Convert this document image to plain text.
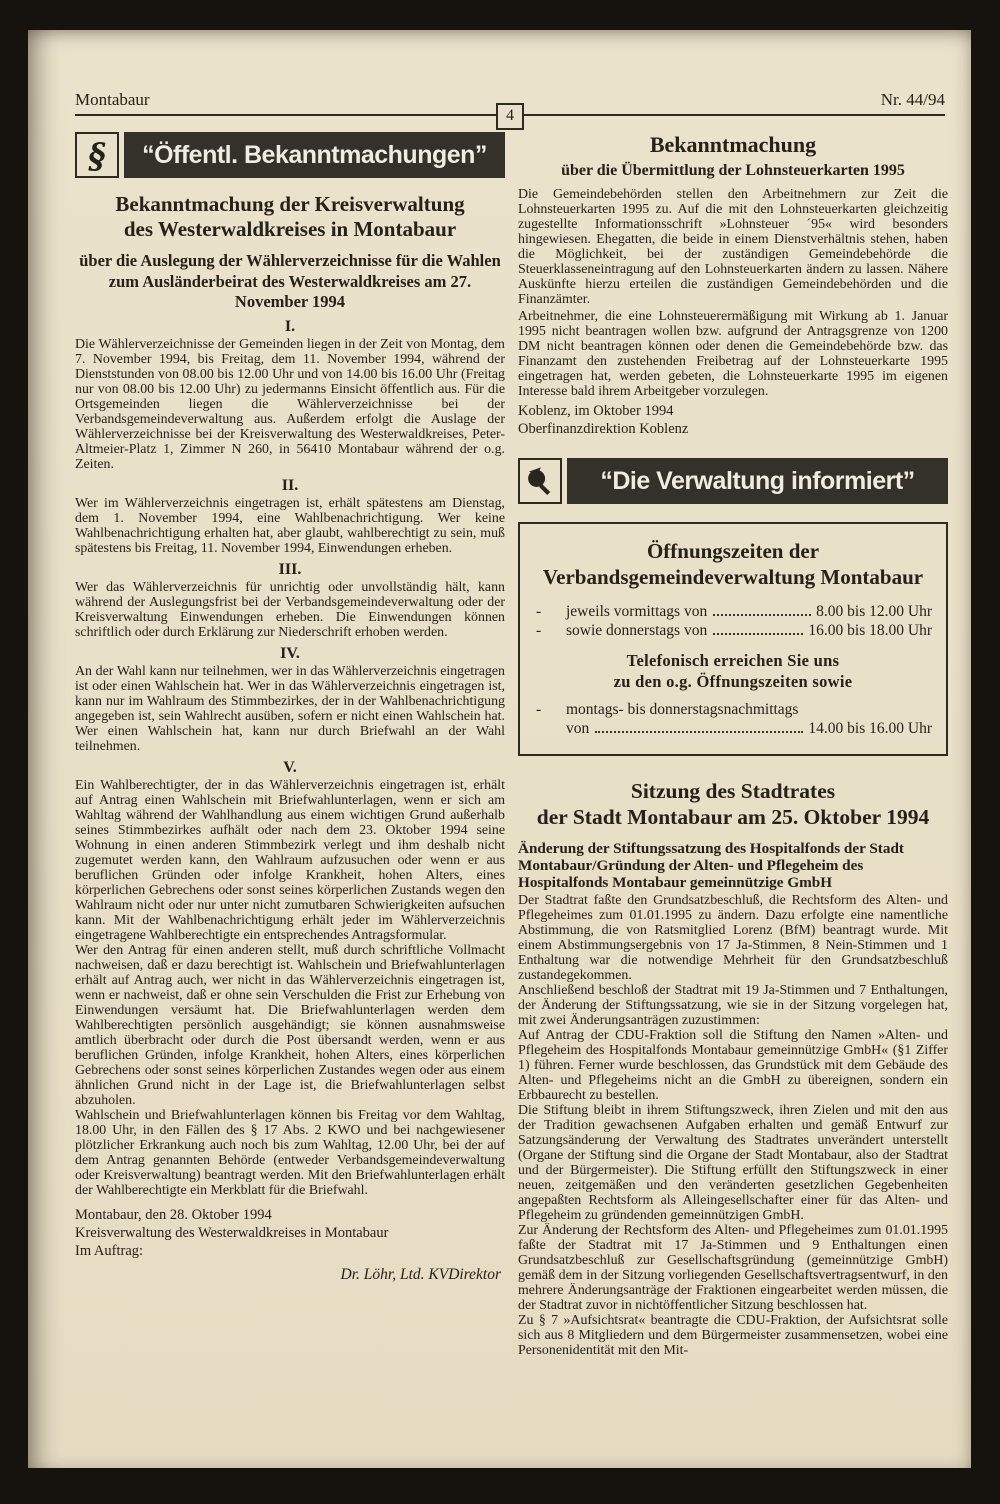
Montabaur	Nr. 44/94
4
§	“Öffentl. Bekanntmachungen”
Bekanntmachung der Kreisverwaltung
des Westerwaldkreises in Montabaur
über die Auslegung der Wählerverzeichnisse für die Wahlen zum Ausländerbeirat des Westerwaldkreises am 27. November 1994
I.

Die Wählerverzeichnisse der Gemeinden liegen in der Zeit von Montag, dem 7. November 1994, bis Freitag, dem 11. November 1994, während der Dienststunden von 08.00 bis 12.00 Uhr und von 14.00 bis 16.00 Uhr (Freitag nur von 08.00 bis 12.00 Uhr) zu jedermanns Einsicht öffentlich aus. Für die Ortsgemeinden liegen die Wählerverzeichnisse bei der Verbandsgemeindeverwaltung aus. Außerdem erfolgt die Auslage der Wählerverzeichnisse bei der Kreisverwaltung des Westerwaldkreises, Peter-Altmeier-Platz 1, Zimmer N 260, in 56410 Montabaur während der o.g. Zeiten.

II.

Wer im Wählerverzeichnis eingetragen ist, erhält spätestens am Dienstag, dem 1. November 1994, eine Wahlbenachrichtigung. Wer keine Wahlbenachrichtigung erhalten hat, aber glaubt, wahlberechtigt zu sein, muß spätestens bis Freitag, 11. November 1994, Einwendungen erheben.

III.

Wer das Wählerverzeichnis für unrichtig oder unvollständig hält, kann während der Auslegungsfrist bei der Verbandsgemeindeverwaltung oder der Kreisverwaltung Einwendungen erheben. Die Einwendungen können schriftlich oder durch Erklärung zur Niederschrift erhoben werden.

IV.

An der Wahl kann nur teilnehmen, wer in das Wählerverzeichnis eingetragen ist oder einen Wahlschein hat. Wer in das Wählerverzeichnis eingetragen ist, kann nur im Wahlraum des Stimmbezirkes, der in der Wahlbenachrichtigung angegeben ist, sein Wahlrecht ausüben, sofern er nicht einen Wahlschein hat. Wer einen Wahlschein hat, kann nur durch Briefwahl an der Wahl teilnehmen.

V.

Ein Wahlberechtigter, der in das Wählerverzeichnis eingetragen ist, erhält auf Antrag einen Wahlschein mit Briefwahlunterlagen, wenn er sich am Wahltag während der Wahlhandlung aus einem wichtigen Grund außerhalb seines Stimmbezirkes aufhält oder nach dem 23. Oktober 1994 seine Wohnung in einen anderen Stimmbezirk verlegt und ihm deshalb nicht zugemutet werden kann, den Wahlraum aufzusuchen oder wenn er aus beruflichen Gründen oder infolge Krankheit, hohen Alters, eines körperlichen Gebrechens oder sonst seines körperlichen Zustands wegen den Wahlraum nicht oder nur unter nicht zumutbaren Schwierigkeiten aufsuchen kann. Mit der Wahlbenachrichtigung erhält jeder im Wählerverzeichnis eingetragene Wahlberechtigte ein entsprechendes Antragsformular.

Wer den Antrag für einen anderen stellt, muß durch schriftliche Vollmacht nachweisen, daß er dazu berechtigt ist. Wahlschein und Briefwahlunterlagen erhält auf Antrag auch, wer nicht in das Wählerverzeichnis eingetragen ist, wenn er nachweist, daß er ohne sein Verschulden die Frist zur Erhebung von Einwendungen versäumt hat. Die Briefwahlunterlagen werden dem Wahlberechtigten persönlich ausgehändigt; sie können ausnahmsweise amtlich überbracht oder durch die Post übersandt werden, wenn er aus beruflichen Gründen, infolge Krankheit, hohen Alters, eines körperlichen Gebrechens oder sonst seines körperlichen Zustandes wegen oder aus einem ähnlichen Grund nicht in der Lage ist, die Briefwahlunterlagen selbst abzuholen.

Wahlschein und Briefwahlunterlagen können bis Freitag vor dem Wahltag, 18.00 Uhr, in den Fällen des § 17 Abs. 2 KWO und bei nachgewiesener plötzlicher Erkrankung auch noch bis zum Wahltag, 12.00 Uhr, bei der auf dem Antrag genannten Behörde (entweder Verbandsgemeindeverwaltung oder Kreisverwaltung) beantragt werden. Mit den Briefwahlunterlagen erhält der Wahlberechtigte ein Merkblatt für die Briefwahl.

Montabaur, den 28. Oktober 1994
Kreisverwaltung des Westerwaldkreises in Montabaur
Im Auftrag:
Dr. Löhr, Ltd. KVDirektor
Bekanntmachung
über die Übermittlung der Lohnsteuerkarten 1995

Die Gemeindebehörden stellen den Arbeitnehmern zur Zeit die Lohnsteuerkarten 1995 zu. Auf die mit den Lohnsteuerkarten gleichzeitig zugestellte Informationsschrift »Lohnsteuer ´95« wird besonders hingewiesen. Ehegatten, die beide in einem Dienstverhältnis stehen, haben die Möglichkeit, bei der zuständigen Gemeindebehörde die Steuerklasseneintragung auf den Lohnsteuerkarten ändern zu lassen. Nähere Auskünfte hierzu erteilen die zuständigen Gemeindebehörden und die Finanzämter.

Arbeitnehmer, die eine Lohnsteuerermäßigung mit Wirkung ab 1. Januar 1995 nicht beantragen wollen bzw. aufgrund der Antragsgrenze von 1200 DM nicht beantragen können oder denen die Gemeindebehörde bzw. das Finanzamt den zustehenden Freibetrag auf der Lohnsteuerkarte 1995 eingetragen hat, werden gebeten, die Lohnsteuerkarte 1995 im eigenen Interesse bald ihrem Arbeitgeber vorzulegen.

Koblenz, im Oktober 1994
Oberfinanzdirektion Koblenz
“Die Verwaltung informiert”
Öffnungszeiten der Verbandsgemeindeverwaltung Montabaur
-	jeweils vormittags von	8.00 bis 12.00 Uhr
-	sowie donnerstags von	16.00 bis 18.00 Uhr
Telefonisch erreichen Sie uns
zu den o.g. Öffnungszeiten sowie
-	montags- bis donnerstagsnachmittags
von	14.00 bis 16.00 Uhr
Sitzung des Stadtrates
der Stadt Montabaur am 25. Oktober 1994
Änderung der Stiftungssatzung des Hospitalfonds der Stadt Montabaur/Gründung der Alten- und Pflegeheim des Hospitalfonds Montabaur gemeinnützige GmbH

Der Stadtrat faßte den Grundsatzbeschluß, die Rechtsform des Alten- und Pflegeheimes zum 01.01.1995 zu ändern. Dazu erfolgte eine namentliche Abstimmung, die von Ratsmitglied Lorenz (BfM) beantragt wurde. Mit einem Abstimmungsergebnis von 17 Ja-Stimmen, 8 Nein-Stimmen und 1 Enthaltung war die notwendige Mehrheit für den Grundsatzbeschluß zustandegekommen.

Anschließend beschloß der Stadtrat mit 19 Ja-Stimmen und 7 Enthaltungen, der Änderung der Stiftungssatzung, wie sie in der Sitzung vorgelegen hat, mit zwei Änderungsanträgen zuzustimmen:

Auf Antrag der CDU-Fraktion soll die Stiftung den Namen »Alten- und Pflegeheim des Hospitalfonds Montabaur gemeinnützige GmbH« (§1 Ziffer 1) führen. Ferner wurde beschlossen, das Grundstück mit dem Gebäude des Alten- und Pflegeheims nicht an die GmbH zu übereignen, sondern ein Erbbaurecht zu bestellen.

Die Stiftung bleibt in ihrem Stiftungszweck, ihren Zielen und mit den aus der Tradition gewachsenen Aufgaben erhalten und gemäß Entwurf zur Satzungsänderung der Verwaltung des Stadtrates unverändert unterstellt (Organe der Stiftung sind die Organe der Stadt Montabaur, also der Stadtrat und der Bürgermeister). Die Stiftung erfüllt den Stiftungszweck in einer neuen, zeitgemäßen und den veränderten gesetzlichen Gegebenheiten angepaßten Rechtsform als Alleingesellschafter einer für das Alten- und Pflegeheim zu gründenden gemeinnützigen GmbH.

Zur Änderung der Rechtsform des Alten- und Pflegeheimes zum 01.01.1995 faßte der Stadtrat mit 17 Ja-Stimmen und 9 Enthaltungen einen Grundsatzbeschluß zur Gesellschaftsgründung (gemeinnützige GmbH) gemäß dem in der Sitzung vorliegenden Gesellschaftsvertragsentwurf, in den mehrere Änderungsanträge der Fraktionen eingearbeitet werden müssen, die der Stadtrat zuvor in nichtöffentlicher Sitzung beschlossen hat.

Zu § 7 »Aufsichtsrat« beantragte die CDU-Fraktion, der Aufsichtsrat solle sich aus 8 Mitgliedern und dem Bürgermeister zusammensetzen, wobei eine Personenidentität mit den Mit-
